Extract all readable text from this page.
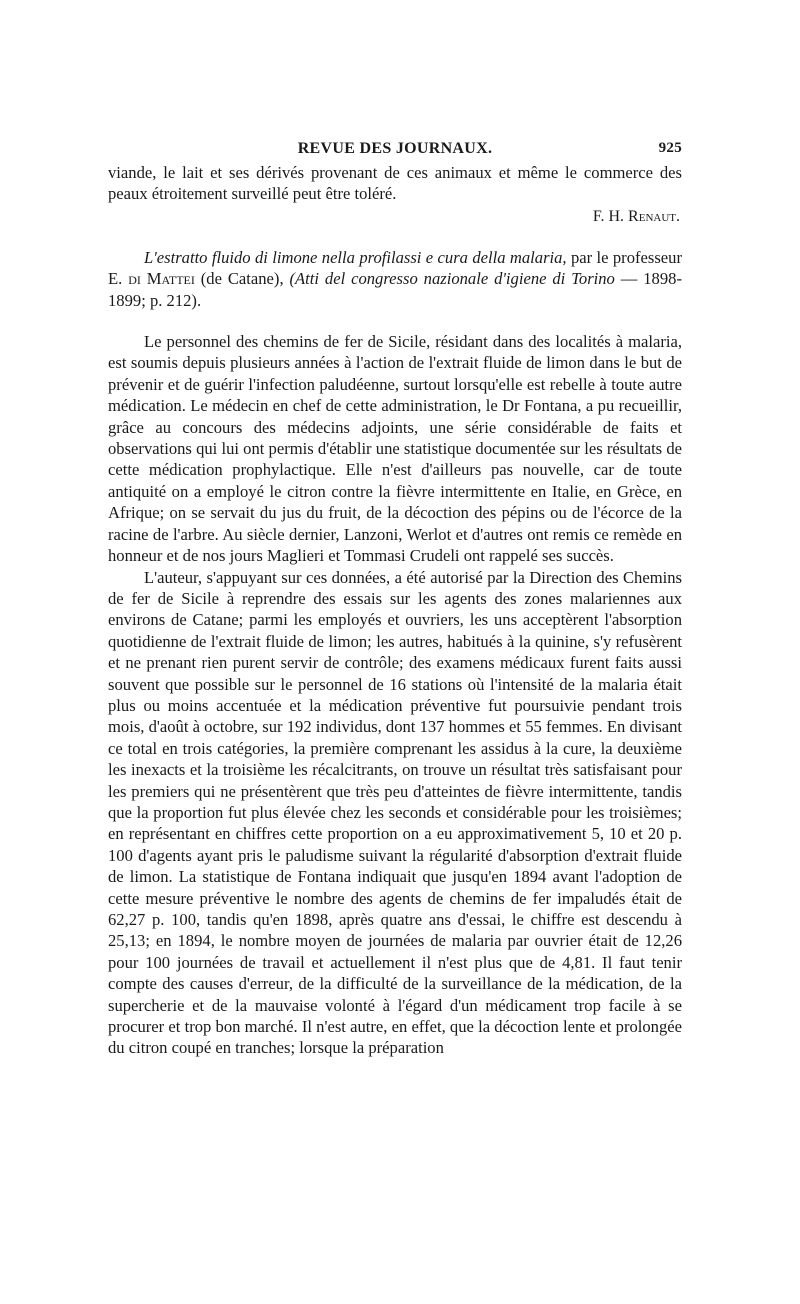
REVUE DES JOURNAUX.	925

viande, le lait et ses dérivés provenant de ces animaux et même le commerce des peaux étroitement surveillé peut être toléré.

F. H. Renaut.

L'estratto fluido di limone nella profilassi e cura della malaria, par le professeur E. di Mattei (de Catane), (Atti del congresso nazionale d'igiene di Torino — 1898-1899; p. 212).

Le personnel des chemins de fer de Sicile, résidant dans des localités à malaria, est soumis depuis plusieurs années à l'action de l'extrait fluide de limon dans le but de prévenir et de guérir l'infection paludéenne, surtout lorsqu'elle est rebelle à toute autre médication. Le médecin en chef de cette administration, le Dr Fontana, a pu recueillir, grâce au concours des médecins adjoints, une série considérable de faits et observations qui lui ont permis d'établir une statistique documentée sur les résultats de cette médication prophylactique. Elle n'est d'ailleurs pas nouvelle, car de toute antiquité on a employé le citron contre la fièvre intermittente en Italie, en Grèce, en Afrique; on se servait du jus du fruit, de la décoction des pépins ou de l'écorce de la racine de l'arbre. Au siècle dernier, Lanzoni, Werlot et d'autres ont remis ce remède en honneur et de nos jours Maglieri et Tommasi Crudeli ont rappelé ses succès.

L'auteur, s'appuyant sur ces données, a été autorisé par la Direction des Chemins de fer de Sicile à reprendre des essais sur les agents des zones malariennes aux environs de Catane; parmi les employés et ouvriers, les uns acceptèrent l'absorption quotidienne de l'extrait fluide de limon; les autres, habitués à la quinine, s'y refusèrent et ne prenant rien purent servir de contrôle; des examens médicaux furent faits aussi souvent que possible sur le personnel de 16 stations où l'intensité de la malaria était plus ou moins accentuée et la médication préventive fut poursuivie pendant trois mois, d'août à octobre, sur 192 individus, dont 137 hommes et 55 femmes. En divisant ce total en trois catégories, la première comprenant les assidus à la cure, la deuxième les inexacts et la troisième les récalcitrants, on trouve un résultat très satisfaisant pour les premiers qui ne présentèrent que très peu d'atteintes de fièvre intermittente, tandis que la proportion fut plus élevée chez les seconds et considérable pour les troisièmes; en représentant en chiffres cette proportion on a eu approximativement 5, 10 et 20 p. 100 d'agents ayant pris le paludisme suivant la régularité d'absorption d'extrait fluide de limon. La statistique de Fontana indiquait que jusqu'en 1894 avant l'adoption de cette mesure préventive le nombre des agents de chemins de fer impaludés était de 62,27 p. 100, tandis qu'en 1898, après quatre ans d'essai, le chiffre est descendu à 25,13; en 1894, le nombre moyen de journées de malaria par ouvrier était de 12,26 pour 100 journées de travail et actuellement il n'est plus que de 4,81. Il faut tenir compte des causes d'erreur, de la difficulté de la surveillance de la médication, de la supercherie et de la mauvaise volonté à l'égard d'un médicament trop facile à se procurer et trop bon marché. Il n'est autre, en effet, que la décoction lente et prolongée du citron coupé en tranches; lorsque la préparation
